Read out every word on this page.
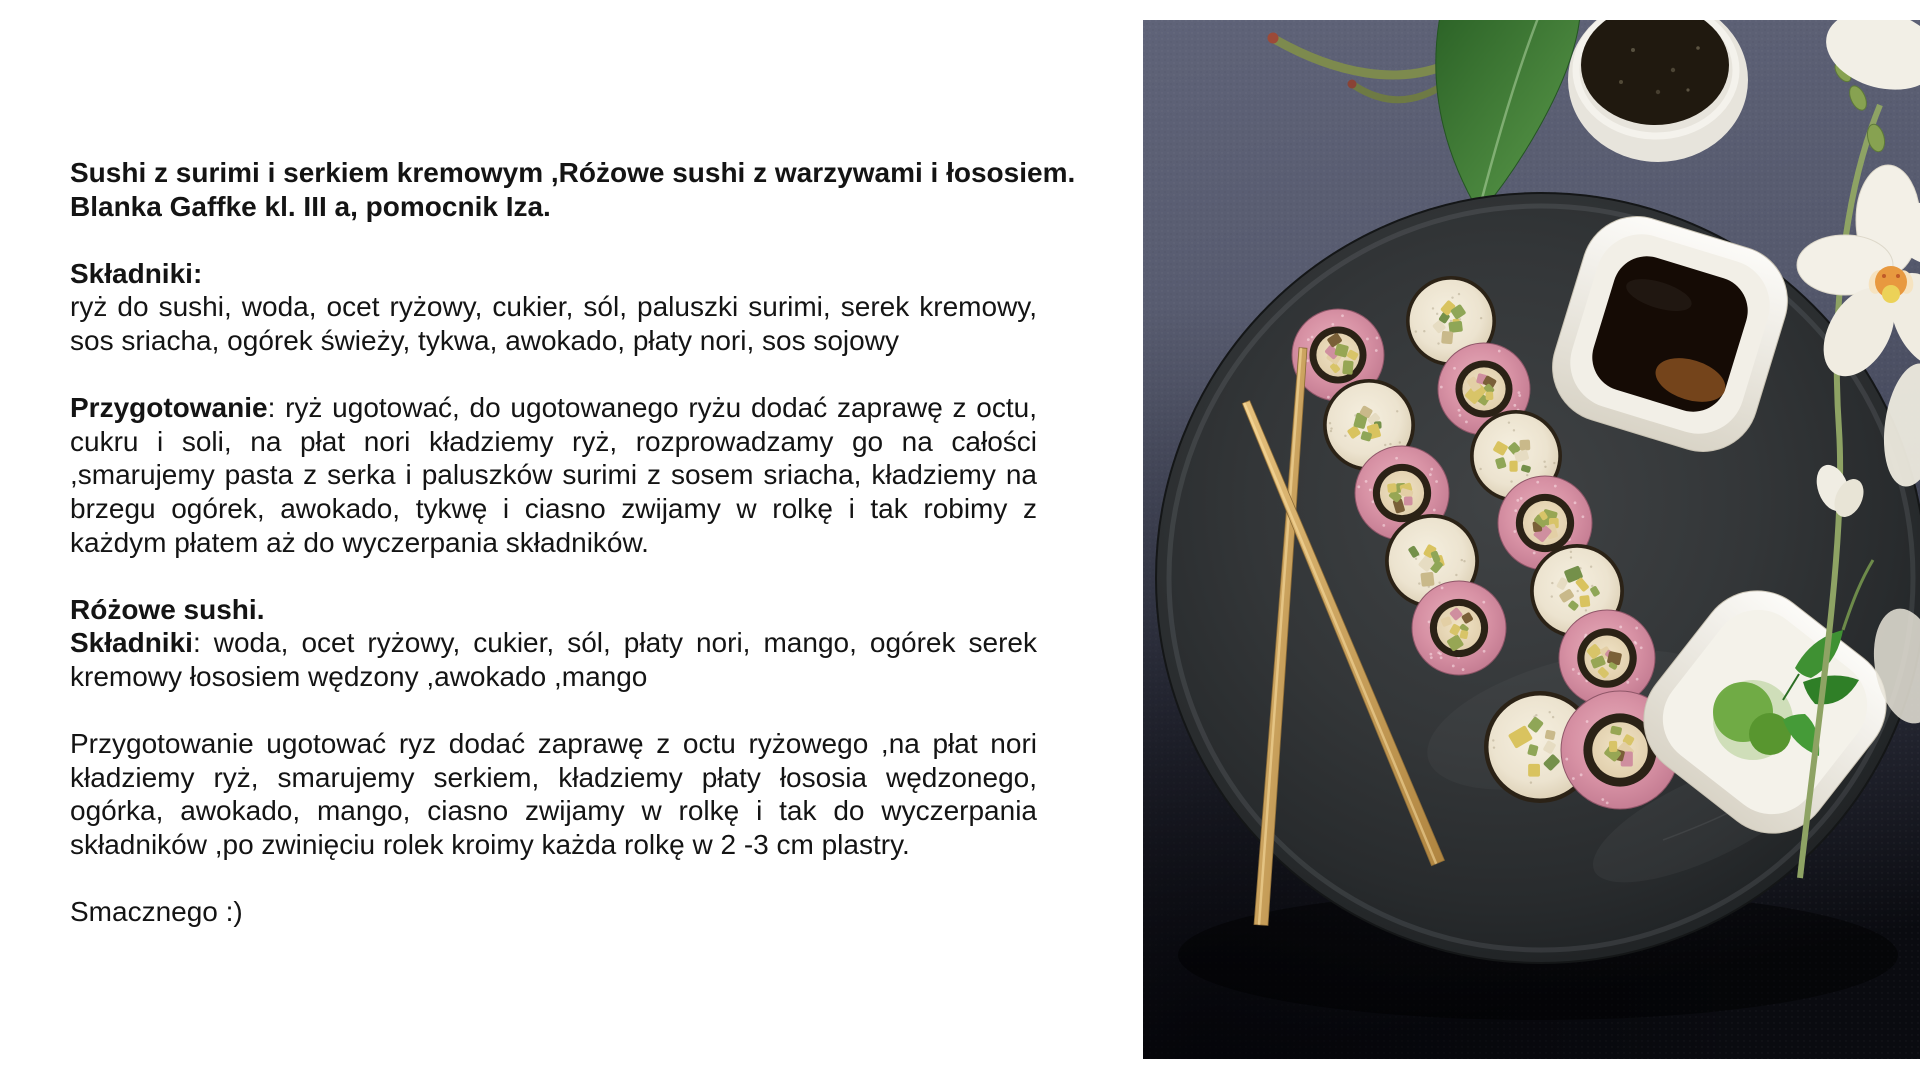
Sushi z surimi i serkiem kremowym ,Różowe sushi z warzywami i łososiem.
Blanka Gaffke kl. III a, pomocnik Iza.

Składniki:
ryż do sushi, woda, ocet ryżowy, cukier, sól, paluszki surimi, serek kremowy, sos sriacha, ogórek świeży, tykwa, awokado, płaty nori, sos sojowy

Przygotowanie: ryż ugotować, do ugotowanego ryżu dodać zaprawę z octu, cukru i soli, na płat nori kładziemy ryż, rozprowadzamy go na całości ,smarujemy pasta z serka i paluszków surimi z sosem sriacha, kładziemy na brzegu ogórek, awokado, tykwę i ciasno zwijamy w rolkę i tak robimy z każdym płatem aż do wyczerpania składników.

Różowe sushi.
Składniki: woda, ocet ryżowy, cukier, sól, płaty nori, mango, ogórek serek kremowy łososiem wędzony ,awokado ,mango

Przygotowanie ugotować ryz dodać zaprawę z octu ryżowego ,na płat nori kładziemy ryż, smarujemy serkiem, kładziemy płaty łososia wędzonego, ogórka, awokado, mango, ciasno zwijamy w rolkę i tak do wyczerpania składników ,po zwinięciu rolek kroimy każda rolkę w 2 -3 cm plastry.

Smacznego :)
